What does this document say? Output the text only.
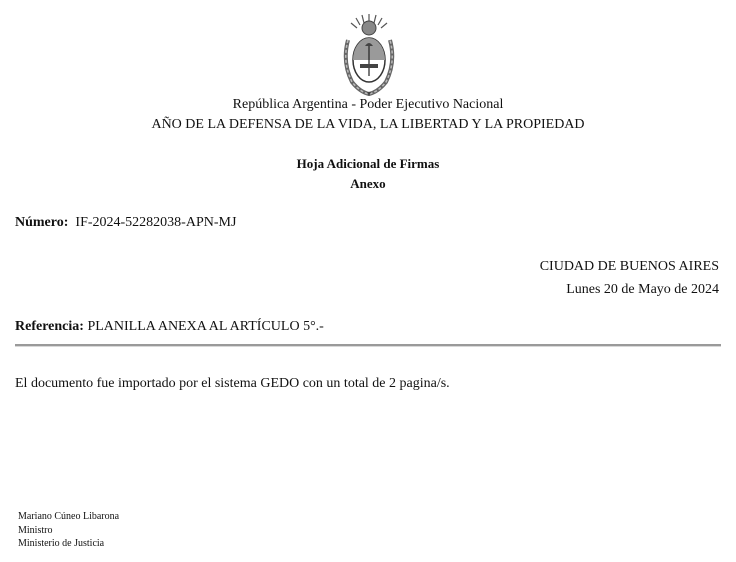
República Argentina - Poder Ejecutivo Nacional
AÑO DE LA DEFENSA DE LA VIDA, LA LIBERTAD Y LA PROPIEDAD
Hoja Adicional de Firmas
Anexo
Número: IF-2024-52282038-APN-MJ
CIUDAD DE BUENOS AIRES
Lunes 20 de Mayo de 2024
Referencia: PLANILLA ANEXA AL ARTÍCULO 5°.-
El documento fue importado por el sistema GEDO con un total de 2 pagina/s.
Mariano Cúneo Libarona
Ministro
Ministerio de Justicia
